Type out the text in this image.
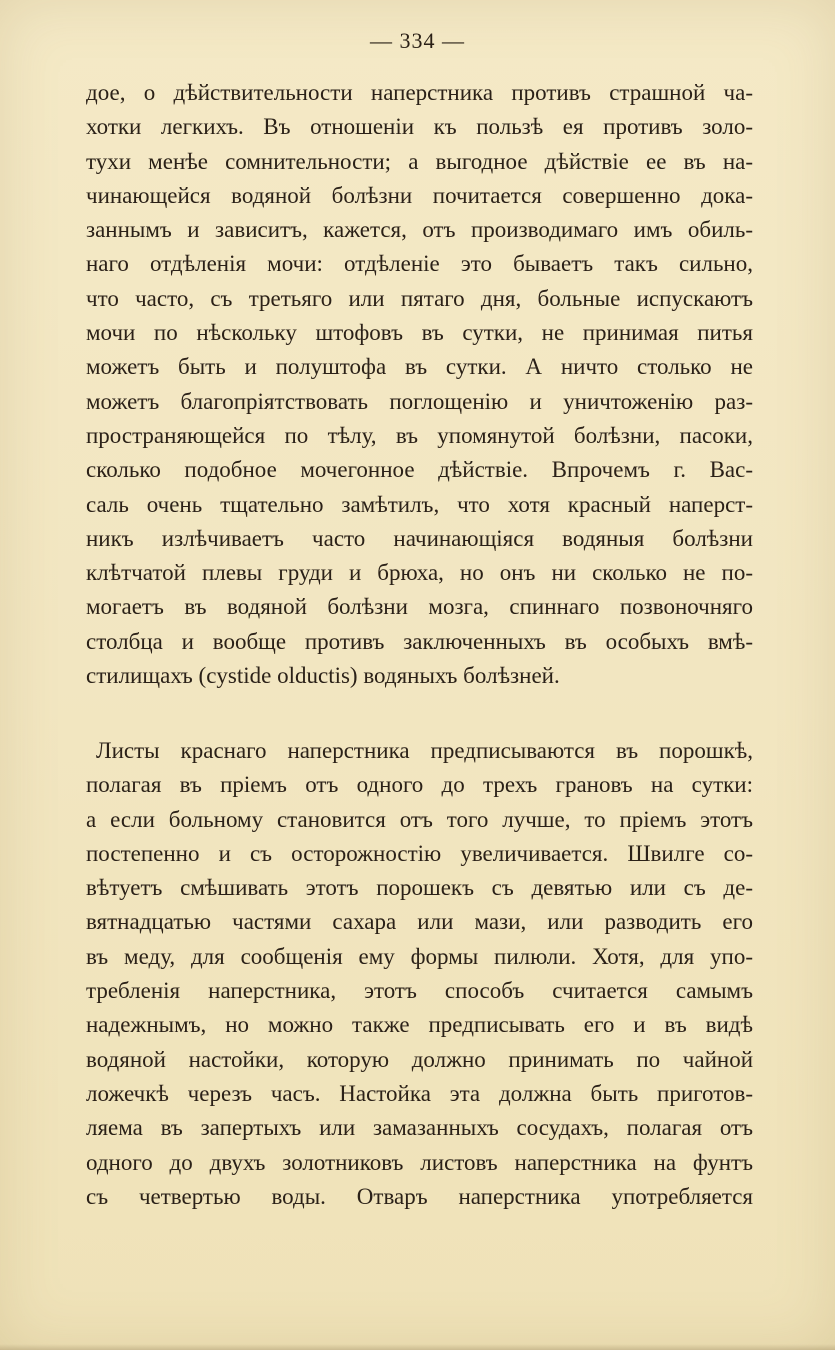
— 334 —
дое, о дѣйствительности наперстника противъ страшной ча-
хотки легкихъ. Въ отношеніи къ пользѣ ея противъ золо-
тухи менѣе сомнительности; а выгодное дѣйствіе ее въ на-
чинающейся водяной болѣзни почитается совершенно дока-
заннымъ и зависитъ, кажется, отъ производимаго имъ обиль-
наго отдѣленія мочи: отдѣленіе это бываетъ такъ сильно,
что часто, съ третьяго или пятаго дня, больные испускаютъ
мочи по нѣскольку штофовъ въ сутки, не принимая питья
можетъ быть и полуштофа въ сутки. А ничто столько не
можетъ благопріятствовать поглощенію и уничтоженію раз-
пространяющейся по тѣлу, въ упомянутой болѣзни, пасоки,
сколько подобное мочегонное дѣйствіе. Впрочемъ г. Вас-
саль очень тщательно замѣтилъ, что хотя красный наперст-
никъ излѣчиваетъ часто начинающіяся водяныя болѣзни
клѣтчатой плевы груди и брюха, но онъ ни сколько не по-
могаетъ въ водяной болѣзни мозга, спиннаго позвоночняго
столбца и вообще противъ заключенныхъ въ особыхъ вмѣ-
стилищахъ (cystide olductis) водяныхъ болѣзней.
Листы краснаго наперстника предписываются въ порошкѣ,
полагая въ пріемъ отъ одного до трехъ грановъ на сутки:
а если больному становится отъ того лучше, то пріемъ этотъ
постепенно и съ осторожностію увеличивается. Швилге со-
вѣтуетъ смѣшивать этотъ порошекъ съ девятью или съ де-
вятнадцатью частями сахара или мази, или разводить его
въ меду, для сообщенія ему формы пилюли. Хотя, для упо-
требленія наперстника, этотъ способъ считается самымъ
надежнымъ, но можно также предписывать его и въ видѣ
водяной настойки, которую должно принимать по чайной
ложечкѣ черезъ часъ. Настойка эта должна быть приготов-
ляема въ запертыхъ или замазанныхъ сосудахъ, полагая отъ
одного до двухъ золотниковъ листовъ наперстника на фунтъ
съ четвертью воды. Отваръ наперстника употребляется
